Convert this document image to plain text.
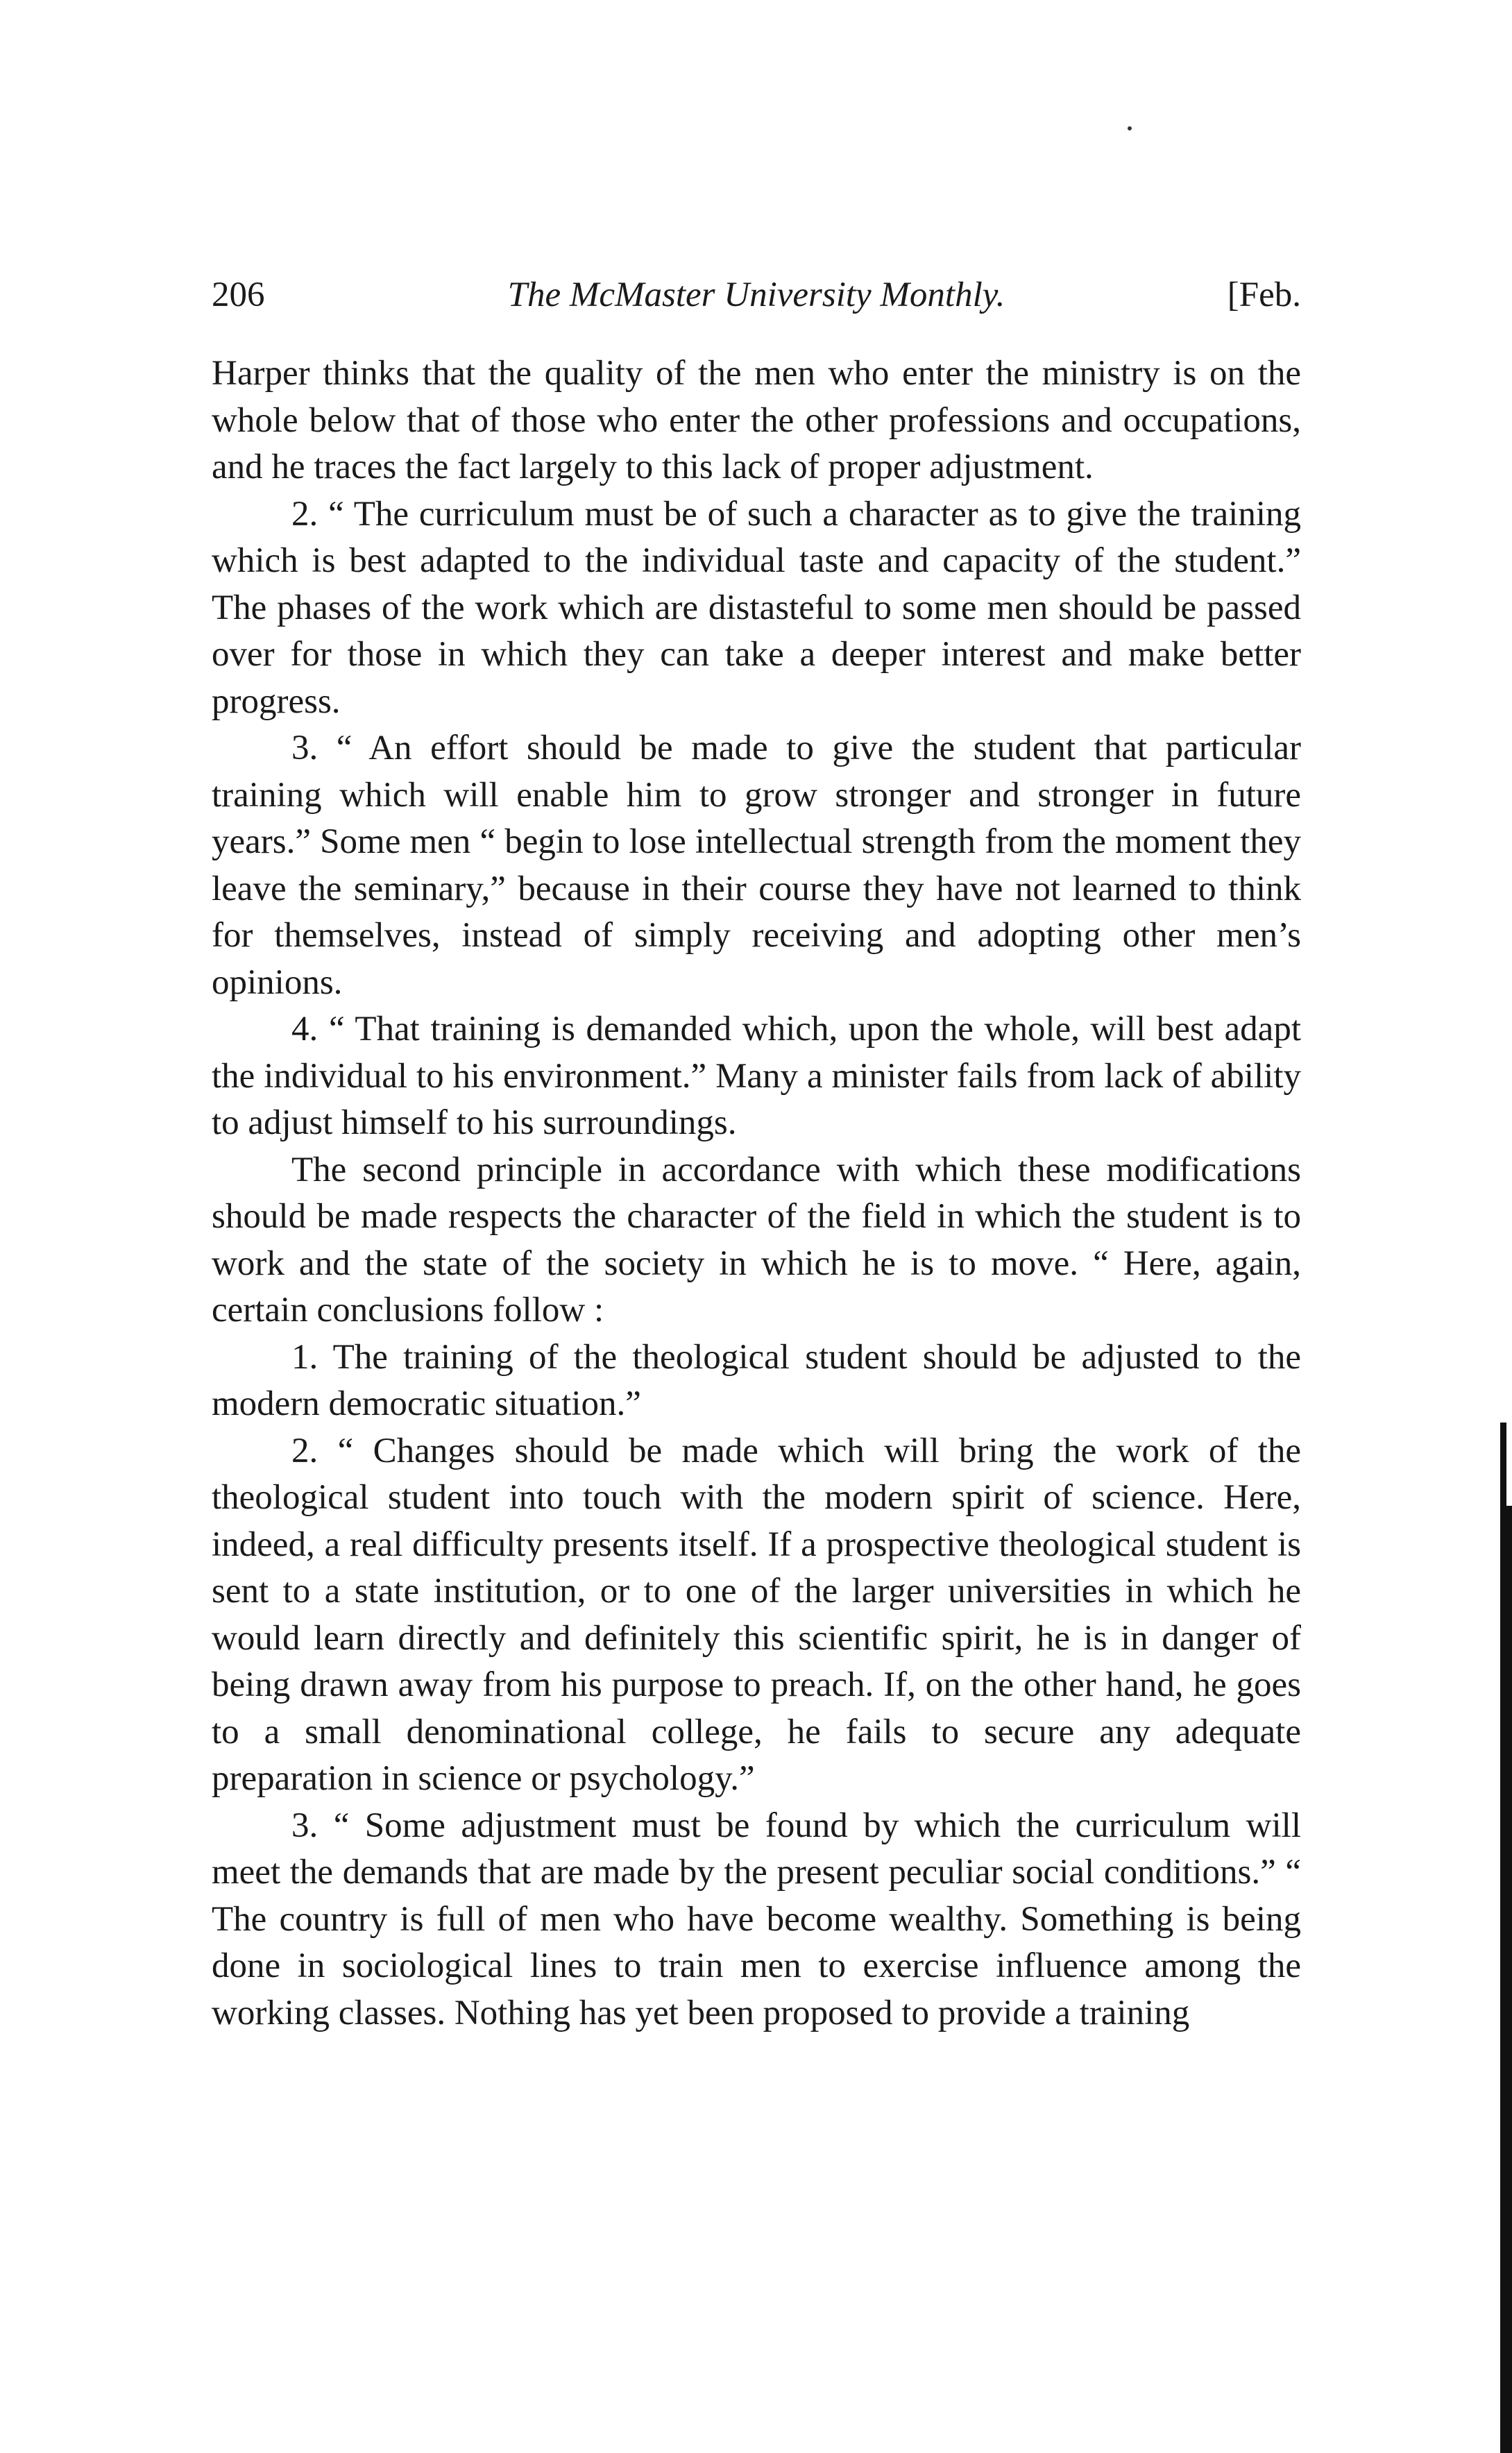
206	The McMaster University Monthly.	[Feb.

Harper thinks that the quality of the men who enter the ministry is on the whole below that of those who enter the other professions and occupations, and he traces the fact largely to this lack of proper adjustment.

2. “ The curriculum must be of such a character as to give the training which is best adapted to the individual taste and capacity of the student.” The phases of the work which are distasteful to some men should be passed over for those in which they can take a deeper interest and make better progress.

3. “ An effort should be made to give the student that particular training which will enable him to grow stronger and stronger in future years.” Some men “ begin to lose intellectual strength from the moment they leave the seminary,” because in their course they have not learned to think for themselves, instead of simply receiving and adopting other men’s opinions.

4. “ That training is demanded which, upon the whole, will best adapt the individual to his environment.” Many a minister fails from lack of ability to adjust himself to his surroundings.

The second principle in accordance with which these modifications should be made respects the character of the field in which the student is to work and the state of the society in which he is to move. “ Here, again, certain conclusions follow :

1. The training of the theological student should be adjusted to the modern democratic situation.”

2. “ Changes should be made which will bring the work of the theological student into touch with the modern spirit of science. Here, indeed, a real difficulty presents itself. If a prospective theological student is sent to a state institution, or to one of the larger universities in which he would learn directly and definitely this scientific spirit, he is in danger of being drawn away from his purpose to preach. If, on the other hand, he goes to a small denominational college, he fails to secure any adequate preparation in science or psychology.”

3. “ Some adjustment must be found by which the curriculum will meet the demands that are made by the present peculiar social conditions.” “ The country is full of men who have become wealthy. Something is being done in sociological lines to train men to exercise influence among the working classes. Nothing has yet been proposed to provide a training
